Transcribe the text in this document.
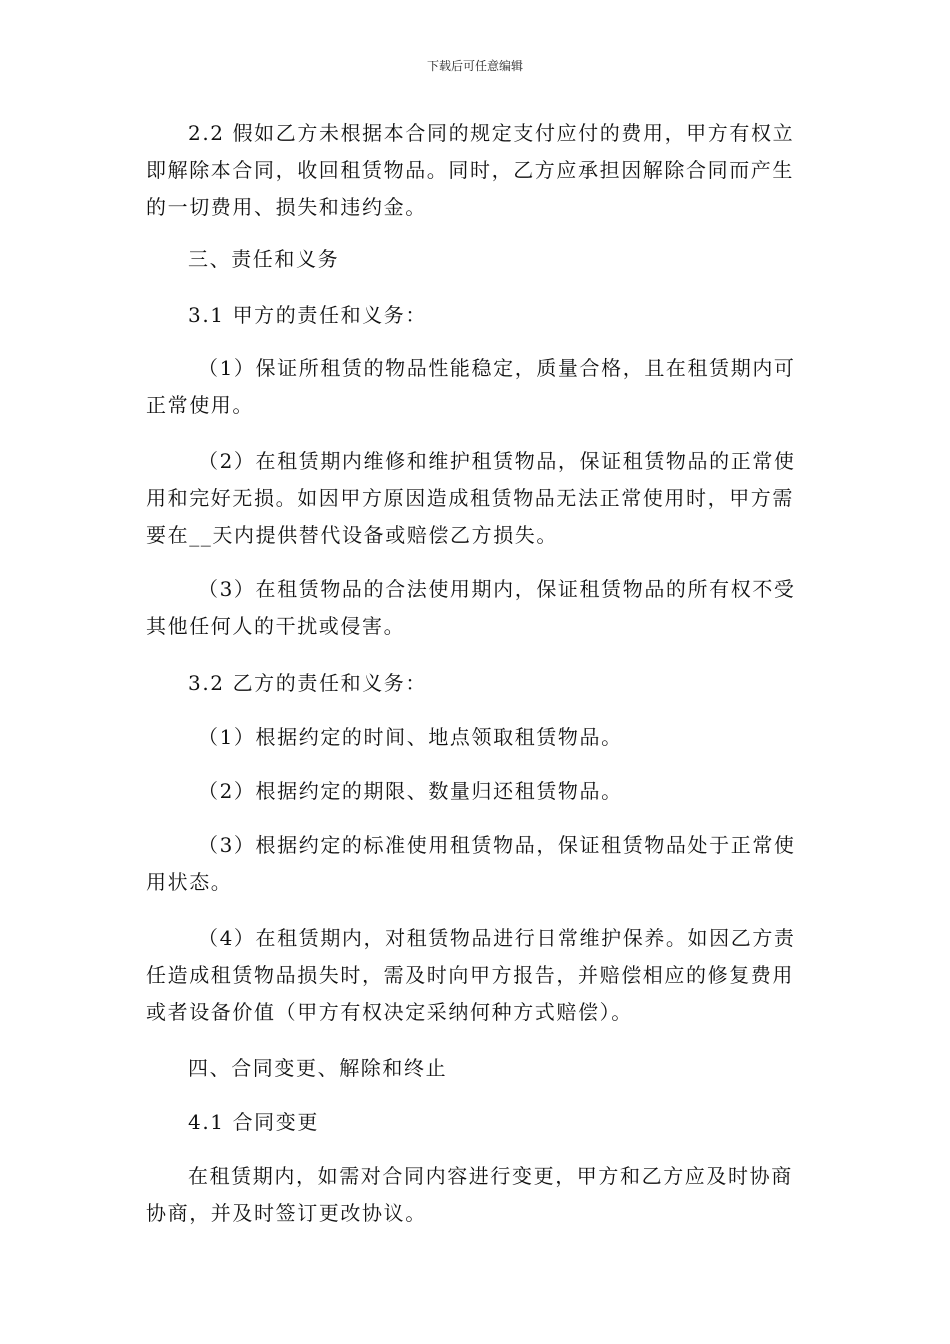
下载后可任意编辑

2.2 假如乙方未根据本合同的规定支付应付的费用，甲方有权立即解除本合同，收回租赁物品。同时，乙方应承担因解除合同而产生的一切费用、损失和违约金。

三、责任和义务

3.1 甲方的责任和义务：

（1）保证所租赁的物品性能稳定，质量合格，且在租赁期内可正常使用。

（2）在租赁期内维修和维护租赁物品，保证租赁物品的正常使用和完好无损。如因甲方原因造成租赁物品无法正常使用时，甲方需要在__天内提供替代设备或赔偿乙方损失。

（3）在租赁物品的合法使用期内，保证租赁物品的所有权不受其他任何人的干扰或侵害。

3.2 乙方的责任和义务：

（1）根据约定的时间、地点领取租赁物品。

（2）根据约定的期限、数量归还租赁物品。

（3）根据约定的标准使用租赁物品，保证租赁物品处于正常使用状态。

（4）在租赁期内，对租赁物品进行日常维护保养。如因乙方责任造成租赁物品损失时，需及时向甲方报告，并赔偿相应的修复费用或者设备价值（甲方有权决定采纳何种方式赔偿）。

四、合同变更、解除和终止

4.1 合同变更

在租赁期内，如需对合同内容进行变更，甲方和乙方应及时协商协商，并及时签订更改协议。
